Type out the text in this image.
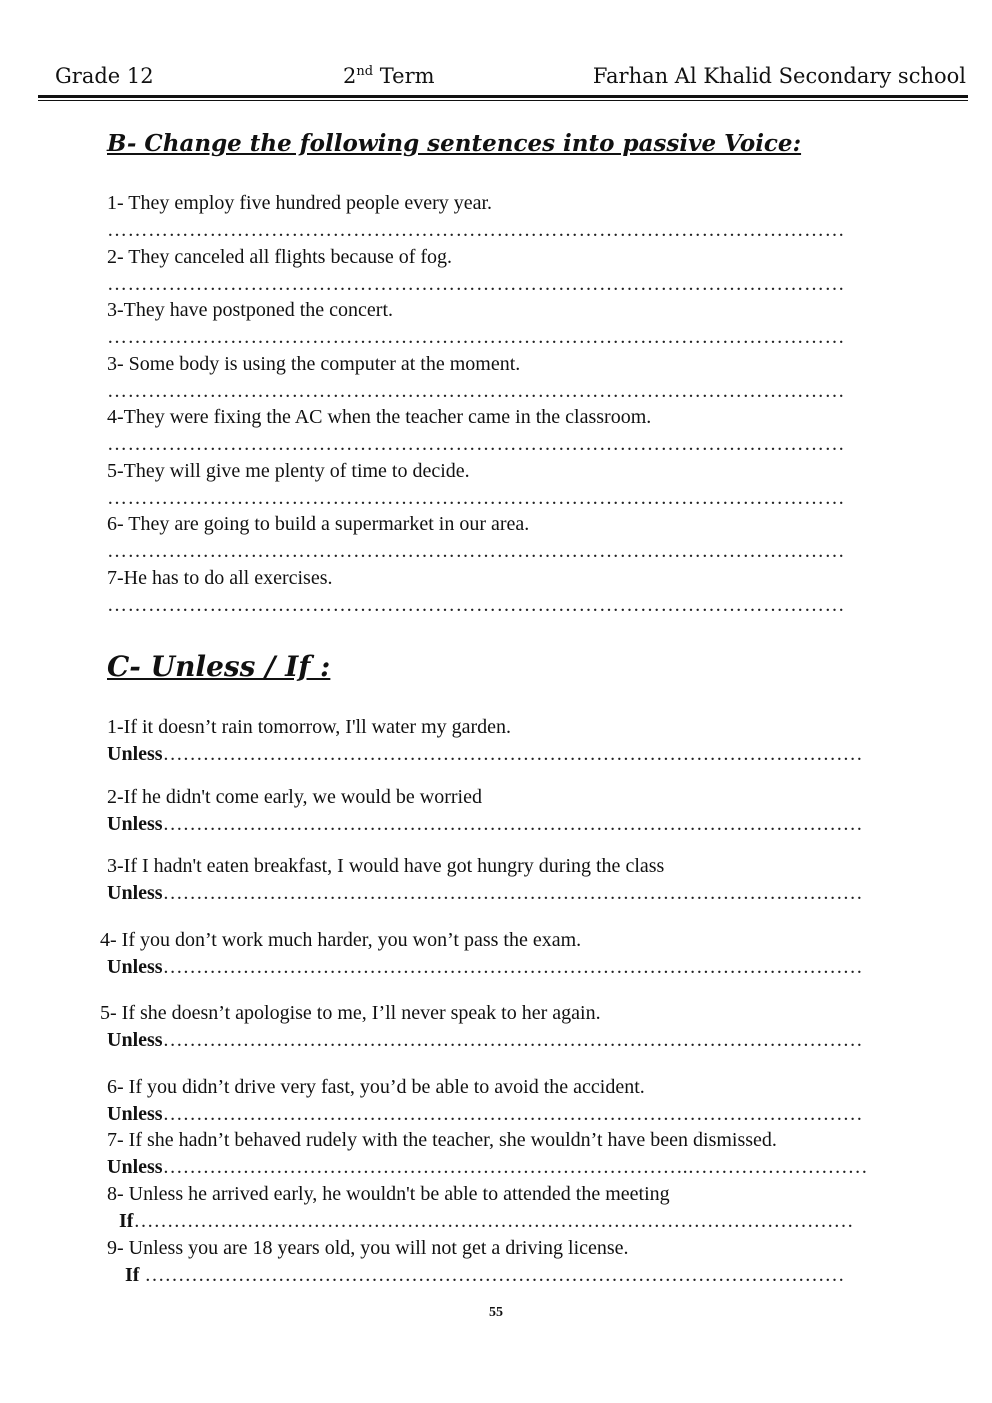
Grade 12	2nd Term	Farhan Al Khalid Secondary school
B- Change the following sentences into passive Voice:
1- They employ five hundred people every year.
………………………………………………………………………………………………
2- They canceled all flights because of fog.
………………………………………………………………………………………………
3-They have postponed the concert.
………………………………………………………………………………………………
3- Some body is using the computer at the moment.
………………………………………………………………………………………………
4-They were fixing the AC when the teacher came in the classroom.
………………………………………………………………………………………………
5-They will give me plenty of time to decide.
………………………………………………………………………………………………
6- They are going to build a supermarket in our area.
………………………………………………………………………………………………
7-He has to do all exercises.
………………………………………………………………………………………………
C- Unless / If :
1-If it doesn’t rain tomorrow, I'll water my garden.
Unless……………………………………………………………………………………………
2-If he didn't come early, we would be worried
Unless……………………………………………………………………………………………
3-If I hadn't eaten breakfast, I would have got hungry during the class
Unless……………………………………………………………………………………………
4- If you don’t work much harder, you won’t pass the exam.
Unless……………………………………………………………………………………………
5- If she doesn’t apologise to me, I’ll never speak to her again.
Unless……………………………………………………………………………………………
6- If you didn’t drive very fast, you’d be able to avoid the accident.
Unless……………………………………………………………………………………………
7- If she hadn’t behaved rudely with the teacher, she wouldn’t have been dismissed.
Unless…………………………………………………………………….………………………
8- Unless he arrived early, he wouldn't be able to attended the meeting
If………………………………………………………………………………………………
9- Unless you are 18 years old, you will not get a driving license.
If ……………………………………………………………………………………………
55
